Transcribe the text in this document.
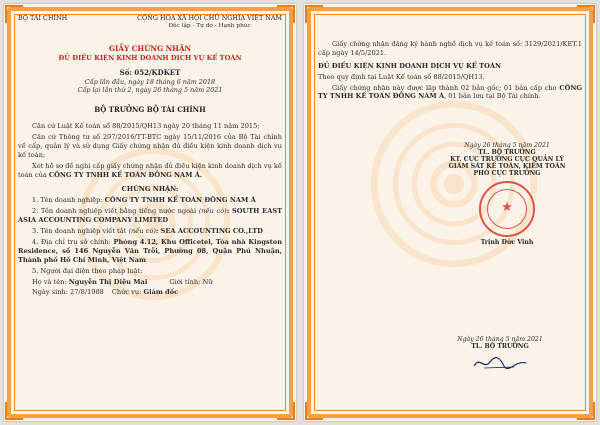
BỘ TÀI CHÍNH	CỘNG HÒA XÃ HỘI CHỦ NGHĨA VIỆT NAM
Độc lập - Tự do - Hạnh phúc
GIẤY CHỨNG NHẬN
ĐỦ ĐIỀU KIỆN KINH DOANH DỊCH VỤ KẾ TOÁN
Số: 052/KDKET
Cấp lần đầu, ngày 18 tháng 6 năm 2018
Cấp lại lần thứ 2, ngày 26 tháng 5 năm 2021
BỘ TRƯỞNG BỘ TÀI CHÍNH

Căn cứ Luật Kế toán số 88/2015/QH13 ngày 20 tháng 11 năm 2015;

Căn cứ Thông tư số 297/2016/TT-BTC ngày 15/11/2016 của Bộ Tài chính về cấp, quản lý và sử dụng Giấy chứng nhận đủ điều kiện kinh doanh dịch vụ kế toán;

Xét hồ sơ đề nghị cấp giấy chứng nhận đủ điều kiện kinh doanh dịch vụ kế toán của CÔNG TY TNHH KẾ TOÁN ĐÔNG NAM Á.

CHỨNG NHẬN:

1. Tên doanh nghiệp: CÔNG TY TNHH KẾ TOÁN ĐÔNG NAM Á

2. Tên doanh nghiệp viết bằng tiếng nước ngoài (nếu có): SOUTH EAST ASIA ACCOUNTING COMPANY LIMITED

3. Tên doanh nghiệp viết tắt (nếu có): SEA ACCOUNTING CO.,LTD

4. Địa chỉ trụ sở chính: Phòng 4.12, Khu Officetel, Tòa nhà Kingston Residence, số 146 Nguyễn Văn Trỗi, Phường 08, Quận Phú Nhuận, Thành phố Hồ Chí Minh, Việt Nam

5. Người đại diện theo pháp luật:

Họ và tên: Nguyễn Thị Diệu Mai	Giới tính: Nữ

Ngày sinh: 27/8/1988 Chức vụ: Giám đốc

Giấy chứng nhận đăng ký hành nghề dịch vụ kế toán số: 3129/2021/KET.1 cấp ngày 14/5/2021.

ĐỦ ĐIỀU KIỆN KINH DOANH DỊCH VỤ KẾ TOÁN

Theo quy định tại Luật Kế toán số 88/2015/QH13.

Giấy chứng nhận này được lập thành 02 bản gốc; 01 bản cấp cho CÔNG TY TNHH KẾ TOÁN ĐÔNG NAM Á, 01 bản lưu tại Bộ Tài chính.

Ngày 26 tháng 5 năm 2021
TL. BỘ TRƯỞNG
KT. CỤC TRƯỞNG CỤC QUẢN LÝ
GIÁM SÁT KẾ TOÁN, KIỂM TOÁN
PHÓ CỤC TRƯỞNG
★
Trịnh Đức Vinh
Ngày 26 tháng 5 năm 2021
TL. BỘ TRƯỞNG
